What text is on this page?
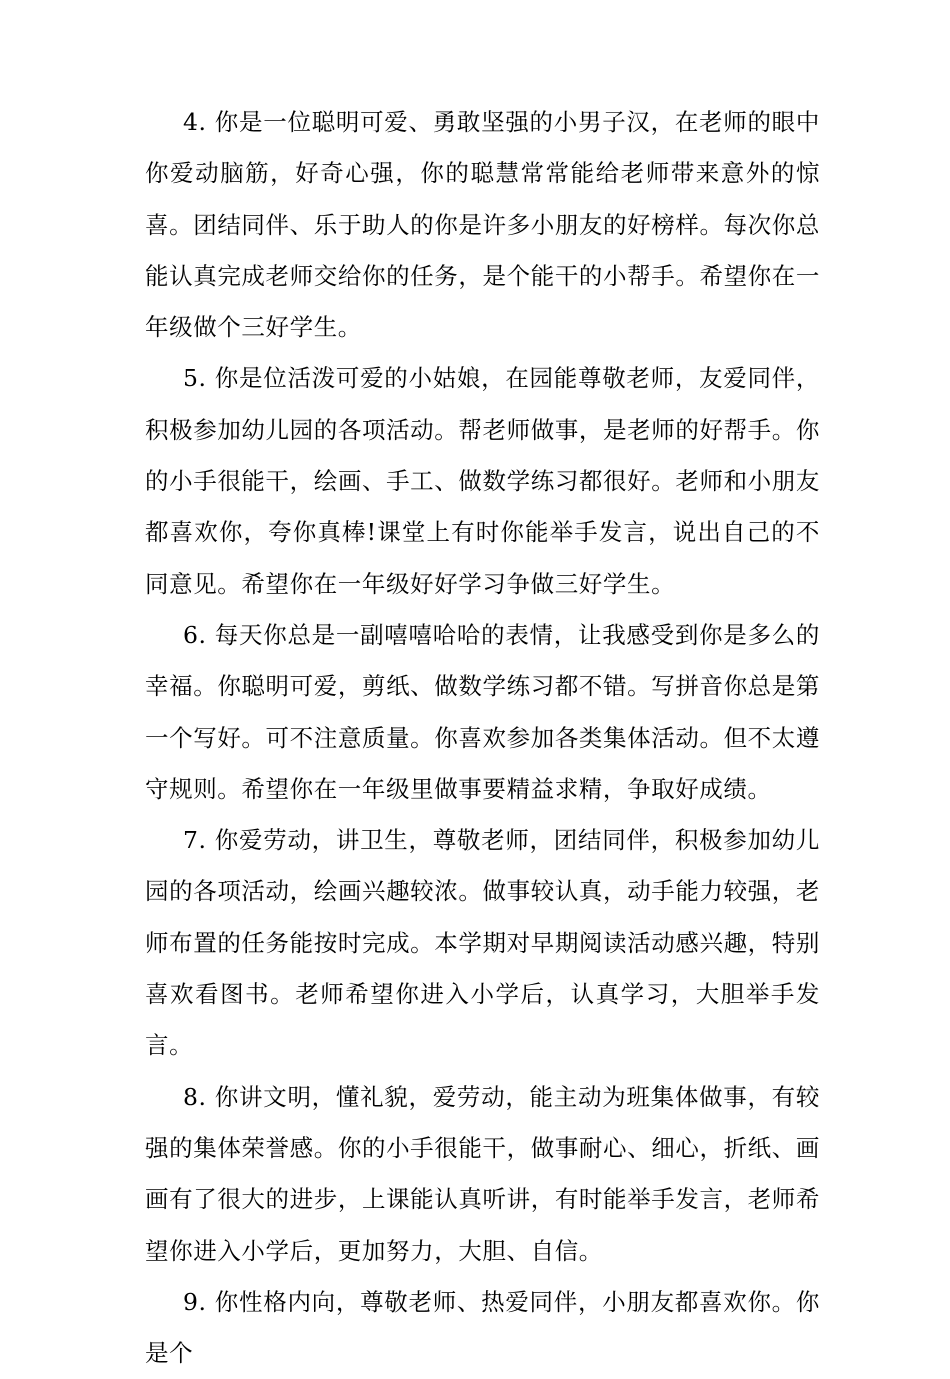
4. 你是一位聪明可爱、勇敢坚强的小男子汉，在老师的眼中你爱动脑筋，好奇心强，你的聪慧常常能给老师带来意外的惊喜。团结同伴、乐于助人的你是许多小朋友的好榜样。每次你总能认真完成老师交给你的任务，是个能干的小帮手。希望你在一年级做个三好学生。

5. 你是位活泼可爱的小姑娘，在园能尊敬老师，友爱同伴，积极参加幼儿园的各项活动。帮老师做事，是老师的好帮手。你的小手很能干，绘画、手工、做数学练习都很好。老师和小朋友都喜欢你，夸你真棒!课堂上有时你能举手发言，说出自己的不同意见。希望你在一年级好好学习争做三好学生。

6. 每天你总是一副嘻嘻哈哈的表情，让我感受到你是多么的幸福。你聪明可爱，剪纸、做数学练习都不错。写拼音你总是第一个写好。可不注意质量。你喜欢参加各类集体活动。但不太遵守规则。希望你在一年级里做事要精益求精，争取好成绩。

7. 你爱劳动，讲卫生，尊敬老师，团结同伴，积极参加幼儿园的各项活动，绘画兴趣较浓。做事较认真，动手能力较强，老师布置的任务能按时完成。本学期对早期阅读活动感兴趣，特别喜欢看图书。老师希望你进入小学后，认真学习，大胆举手发言。

8. 你讲文明，懂礼貌，爱劳动，能主动为班集体做事，有较强的集体荣誉感。你的小手很能干，做事耐心、细心，折纸、画画有了很大的进步，上课能认真听讲，有时能举手发言，老师希望你进入小学后，更加努力，大胆、自信。

9. 你性格内向，尊敬老师、热爱同伴，小朋友都喜欢你。你是个
